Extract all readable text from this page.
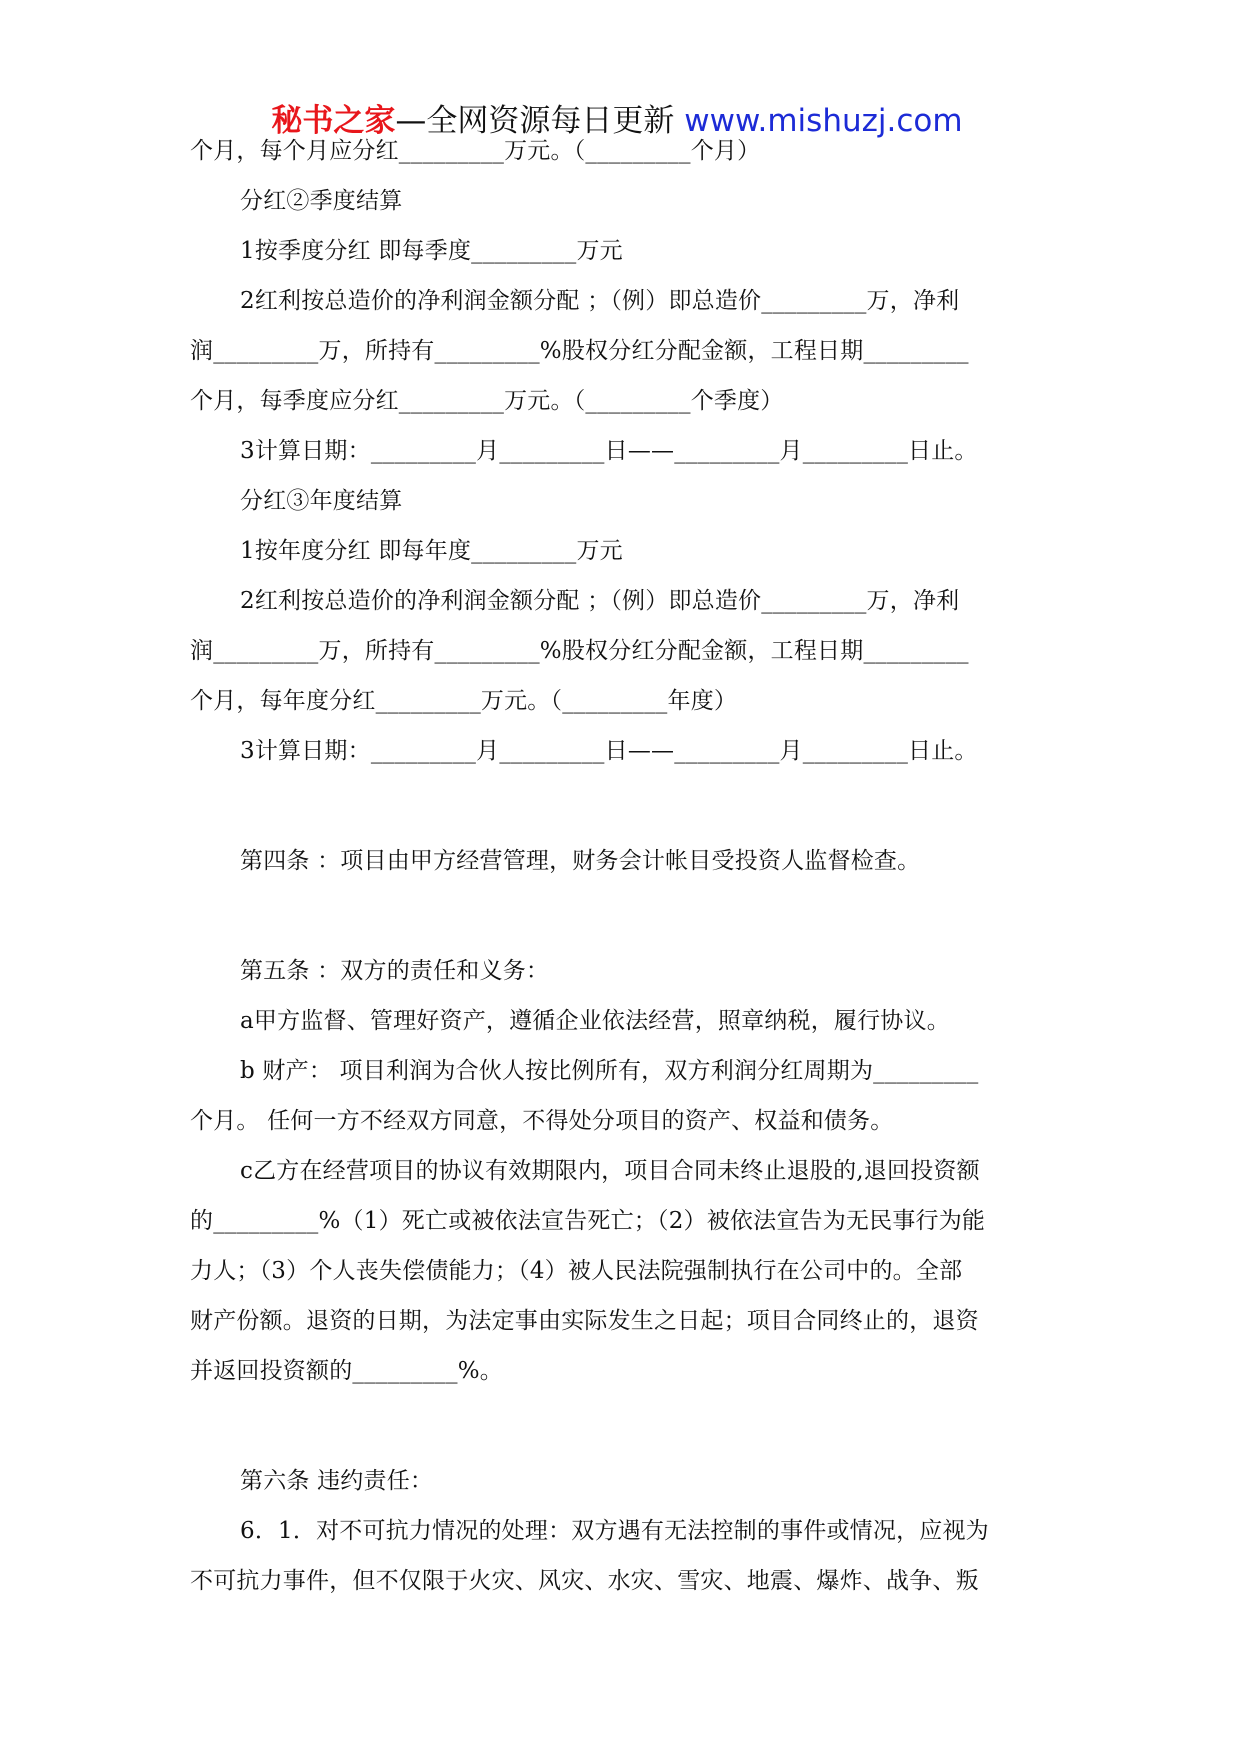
秘书之家—全网资源每日更新 www.mishuzj.com
个月，每个月应分红_________万元。（_________个月）
分红②季度结算
1按季度分红 即每季度_________万元
2红利按总造价的净利润金额分配 ；（例）即总造价_________万，净利
润_________万，所持有_________%股权分红分配金额，工程日期_________
个月，每季度应分红_________万元。（_________个季度）
3计算日期：_________月_________日——_________月_________日止。
分红③年度结算
1按年度分红 即每年度_________万元
2红利按总造价的净利润金额分配 ；（例）即总造价_________万，净利
润_________万，所持有_________%股权分红分配金额，工程日期_________
个月，每年度分红_________万元。（_________年度）
3计算日期：_________月_________日——_________月_________日止。
第四条 ：项目由甲方经营管理，财务会计帐目受投资人监督检查。
第五条 ：双方的责任和义务：
a甲方监督、管理好资产，遵循企业依法经营，照章纳税，履行协议。
b 财产： 项目利润为合伙人按比例所有，双方利润分红周期为_________
个月。 任何一方不经双方同意，不得处分项目的资产、权益和债务。
c乙方在经营项目的协议有效期限内，项目合同未终止退股的,退回投资额
的_________%（1）死亡或被依法宣告死亡；（2）被依法宣告为无民事行为能
力人；（3）个人丧失偿债能力；（4）被人民法院强制执行在公司中的。全部
财产份额。退资的日期，为法定事由实际发生之日起；项目合同终止的，退资
并返回投资额的_________%。
第六条 违约责任：
6．1．对不可抗力情况的处理：双方遇有无法控制的事件或情况，应视为
不可抗力事件，但不仅限于火灾、风灾、水灾、雪灾、地震、爆炸、战争、叛
